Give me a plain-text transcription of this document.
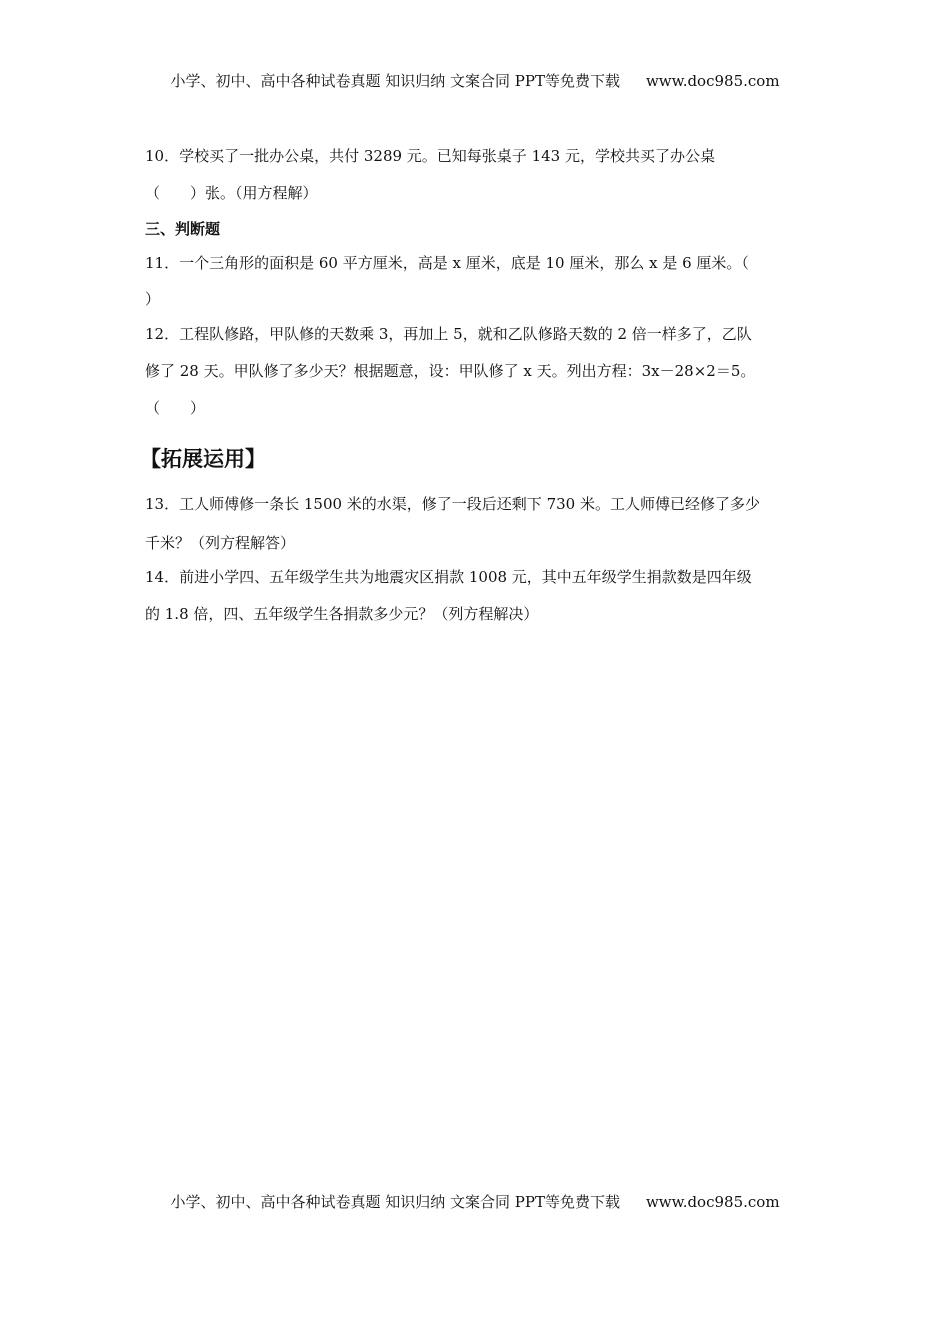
小学、初中、高中各种试卷真题 知识归纳 文案合同 PPT等免费下载 www.doc985.com
10．学校买了一批办公桌，共付 3289 元。已知每张桌子 143 元，学校共买了办公桌
（　　）张。（用方程解）
三、判断题
11．一个三角形的面积是 60 平方厘米，高是 x 厘米，底是 10 厘米，那么 x 是 6 厘米。（
）
12．工程队修路，甲队修的天数乘 3，再加上 5，就和乙队修路天数的 2 倍一样多了，乙队
修了 28 天。甲队修了多少天？根据题意，设：甲队修了 x 天。列出方程：3x－28×2＝5。
（　　）
【拓展运用】
13．工人师傅修一条长 1500 米的水渠，修了一段后还剩下 730 米。工人师傅已经修了多少
千米？（列方程解答）
14．前进小学四、五年级学生共为地震灾区捐款 1008 元，其中五年级学生捐款数是四年级
的 1.8 倍，四、五年级学生各捐款多少元？（列方程解决）
小学、初中、高中各种试卷真题 知识归纳 文案合同 PPT等免费下载 www.doc985.com
